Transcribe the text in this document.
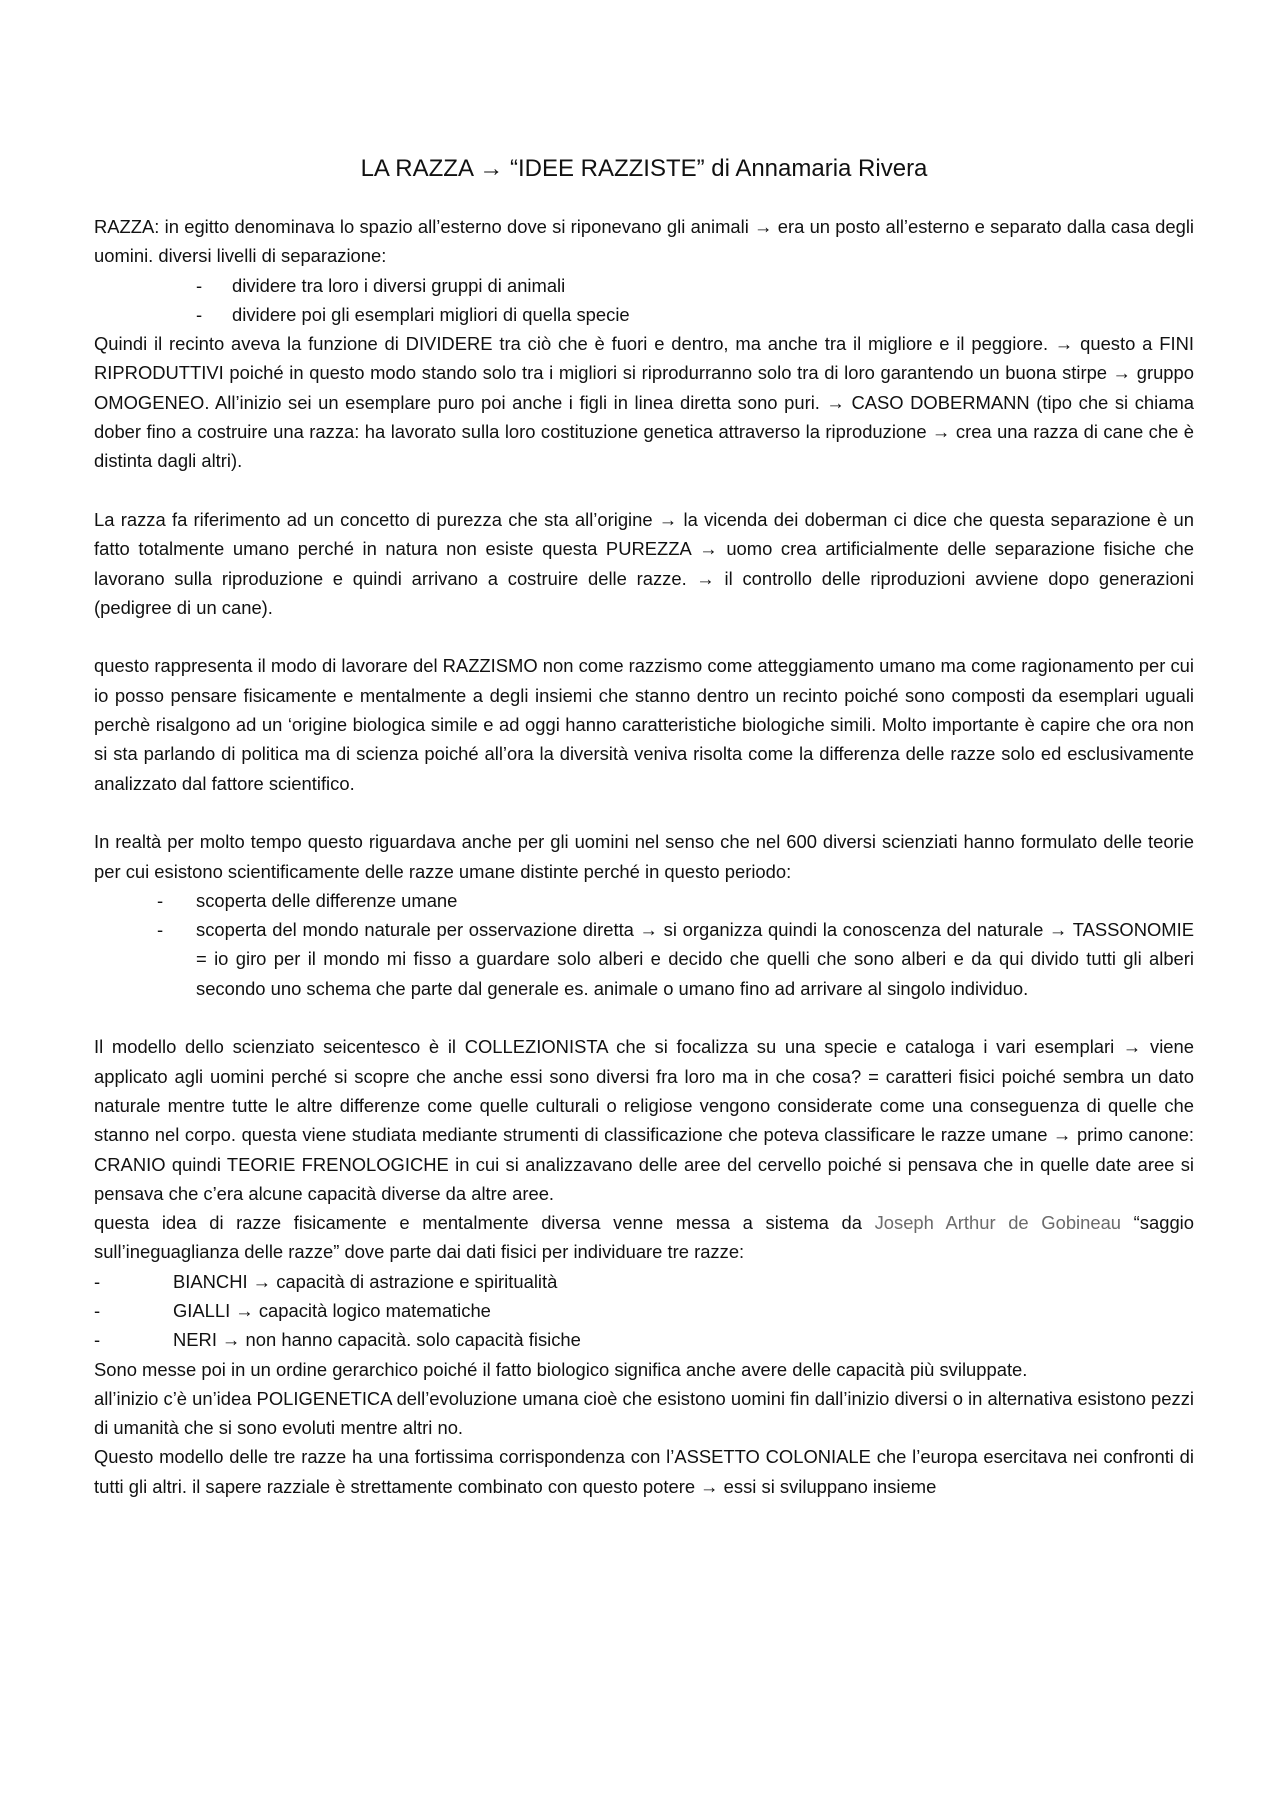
LA RAZZA → “IDEE RAZZISTE” di Annamaria Rivera

RAZZA: in egitto denominava lo spazio all’esterno dove si riponevano gli animali → era un posto all’esterno e separato dalla casa degli uomini. diversi livelli di separazione:

- dividere tra loro i diversi gruppi di animali
- dividere poi gli esemplari migliori di quella specie

Quindi il recinto aveva la funzione di DIVIDERE tra ciò che è fuori e dentro, ma anche tra il migliore e il peggiore. → questo a FINI RIPRODUTTIVI poiché in questo modo stando solo tra i migliori si riprodurranno solo tra di loro garantendo un buona stirpe → gruppo OMOGENEO. All’inizio sei un esemplare puro poi anche i figli in linea diretta sono puri. → CASO DOBERMANN (tipo che si chiama dober fino a costruire una razza: ha lavorato sulla loro costituzione genetica attraverso la riproduzione → crea una razza di cane che è distinta dagli altri).

La razza fa riferimento ad un concetto di purezza che sta all’origine → la vicenda dei doberman ci dice che questa separazione è un fatto totalmente umano perché in natura non esiste questa PUREZZA → uomo crea artificialmente delle separazione fisiche che lavorano sulla riproduzione e quindi arrivano a costruire delle razze. → il controllo delle riproduzioni avviene dopo generazioni (pedigree di un cane).

questo rappresenta il modo di lavorare del RAZZISMO non come razzismo come atteggiamento umano ma come ragionamento per cui io posso pensare fisicamente e mentalmente a degli insiemi che stanno dentro un recinto poiché sono composti da esemplari uguali perchè risalgono ad un ‘origine biologica simile e ad oggi hanno caratteristiche biologiche simili. Molto importante è capire che ora non si sta parlando di politica ma di scienza poiché all’ora la diversità veniva risolta come la differenza delle razze solo ed esclusivamente analizzato dal fattore scientifico.

In realtà per molto tempo questo riguardava anche per gli uomini nel senso che nel 600 diversi scienziati hanno formulato delle teorie per cui esistono scientificamente delle razze umane distinte perché in questo periodo:

- scoperta delle differenze umane
- scoperta del mondo naturale per osservazione diretta → si organizza quindi la conoscenza del naturale → TASSONOMIE = io giro per il mondo mi fisso a guardare solo alberi e decido che quelli che sono alberi e da qui divido tutti gli alberi secondo uno schema che parte dal generale es. animale o umano fino ad arrivare al singolo individuo.

Il modello dello scienziato seicentesco è il COLLEZIONISTA che si focalizza su una specie e cataloga i vari esemplari → viene applicato agli uomini perché si scopre che anche essi sono diversi fra loro ma in che cosa? = caratteri fisici poiché sembra un dato naturale mentre tutte le altre differenze come quelle culturali o religiose vengono considerate come una conseguenza di quelle che stanno nel corpo. questa viene studiata mediante strumenti di classificazione che poteva classificare le razze umane → primo canone: CRANIO quindi TEORIE FRENOLOGICHE in cui si analizzavano delle aree del cervello poiché si pensava che in quelle date aree si pensava che c’era alcune capacità diverse da altre aree.

questa idea di razze fisicamente e mentalmente diversa venne messa a sistema da Joseph Arthur de Gobineau “saggio sull’ineguaglianza delle razze” dove parte dai dati fisici per individuare tre razze:

-	BIANCHI → capacità di astrazione e spiritualità
-	GIALLI → capacità logico matematiche
-	NERI → non hanno capacità. solo capacità fisiche

Sono messe poi in un ordine gerarchico poiché il fatto biologico significa anche avere delle capacità più sviluppate.

all’inizio c’è un’idea POLIGENETICA dell’evoluzione umana cioè che esistono uomini fin dall’inizio diversi o in alternativa esistono pezzi di umanità che si sono evoluti mentre altri no.

Questo modello delle tre razze ha una fortissima corrispondenza con l’ASSETTO COLONIALE che l’europa esercitava nei confronti di tutti gli altri. il sapere razziale è strettamente combinato con questo potere → essi si sviluppano insieme
